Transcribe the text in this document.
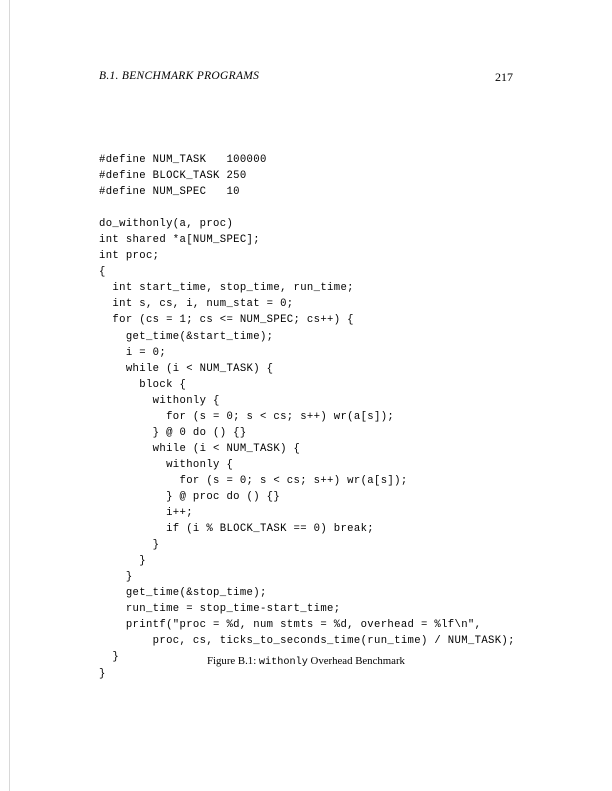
B.1. BENCHMARK PROGRAMS	217
#define NUM_TASK   100000
#define BLOCK_TASK 250
#define NUM_SPEC   10
do_withonly(a, proc)
int shared *a[NUM_SPEC];
int proc;
{
int start_time, stop_time, run_time;
int s, cs, i, num_stat = 0;
for (cs = 1; cs <= NUM_SPEC; cs++) {
get_time(&start_time);
i = 0;
while (i < NUM_TASK) {
block {
withonly {
for (s = 0; s < cs; s++) wr(a[s]);
} @ 0 do () {}
while (i < NUM_TASK) {
withonly {
for (s = 0; s < cs; s++) wr(a[s]);
} @ proc do () {}
i++;
if (i % BLOCK_TASK == 0) break;
}
}
}
get_time(&stop_time);
run_time = stop_time-start_time;
printf("proc = %d, num stmts = %d, overhead = %lf\n",
proc, cs, ticks_to_seconds_time(run_time) / NUM_TASK);
}
}
Figure B.1: withonly Overhead Benchmark
